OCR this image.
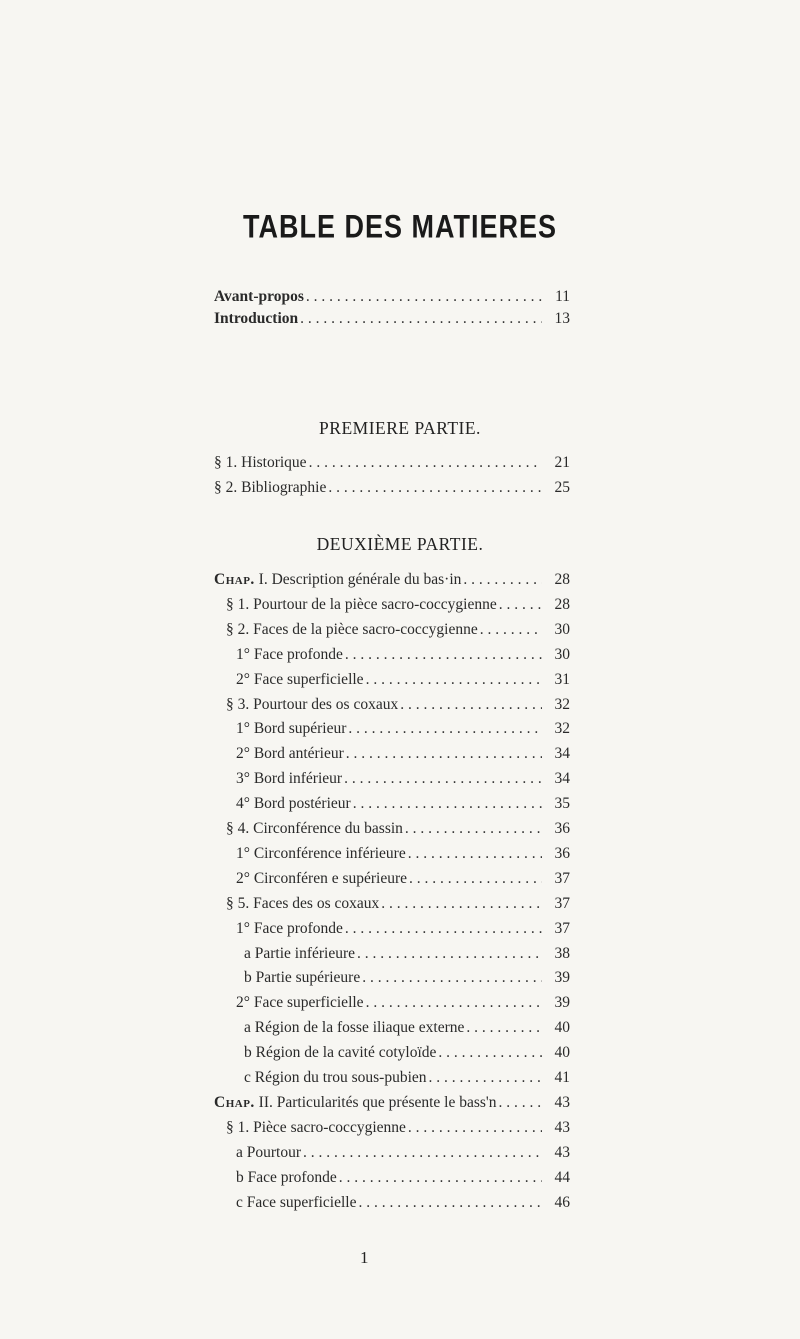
TABLE DES MATIERES
Avant-propos . . .	11
Introduction . . .	13
PREMIERE PARTIE.
§ 1. Historique . . .	21
§ 2. Bibliographie . . .	25
DEUXIÈME PARTIE.
Chap. I. Description générale du bas·in . . .	28
§ 1. Pourtour de la pièce sacro-coccygienne . . .	28
§ 2. Faces de la pièce sacro-coccygienne . . .	30
1° Face profonde . . .	30
2° Face superficielle . . .	31
§ 3. Pourtour des os coxaux . . .	32
1° Bord supérieur . . .	32
2° Bord antérieur . . .	34
3° Bord inférieur . . .	34
4° Bord postérieur . . .	35
§ 4. Circonférence du bassin . . .	36
1° Circonférence inférieure . . .	36
2° Circonféren e supérieure . . .	37
§ 5. Faces des os coxaux . . .	37
1° Face profonde . . .	37
a Partie inférieure . . .	38
b Partie supérieure . . .	39
2° Face superficielle . . .	39
a Région de la fosse iliaque externe . . .	40
b Région de la cavité cotyloïde . . .	40
c Région du trou sous-pubien . . .	41
Chap. II. Particularités que présente le bass'n . . .	43
§ 1. Pièce sacro-coccygienne . . .	43
a Pourtour . . .	43
b Face profonde . . .	44
c Face superficielle . . .	46
1
